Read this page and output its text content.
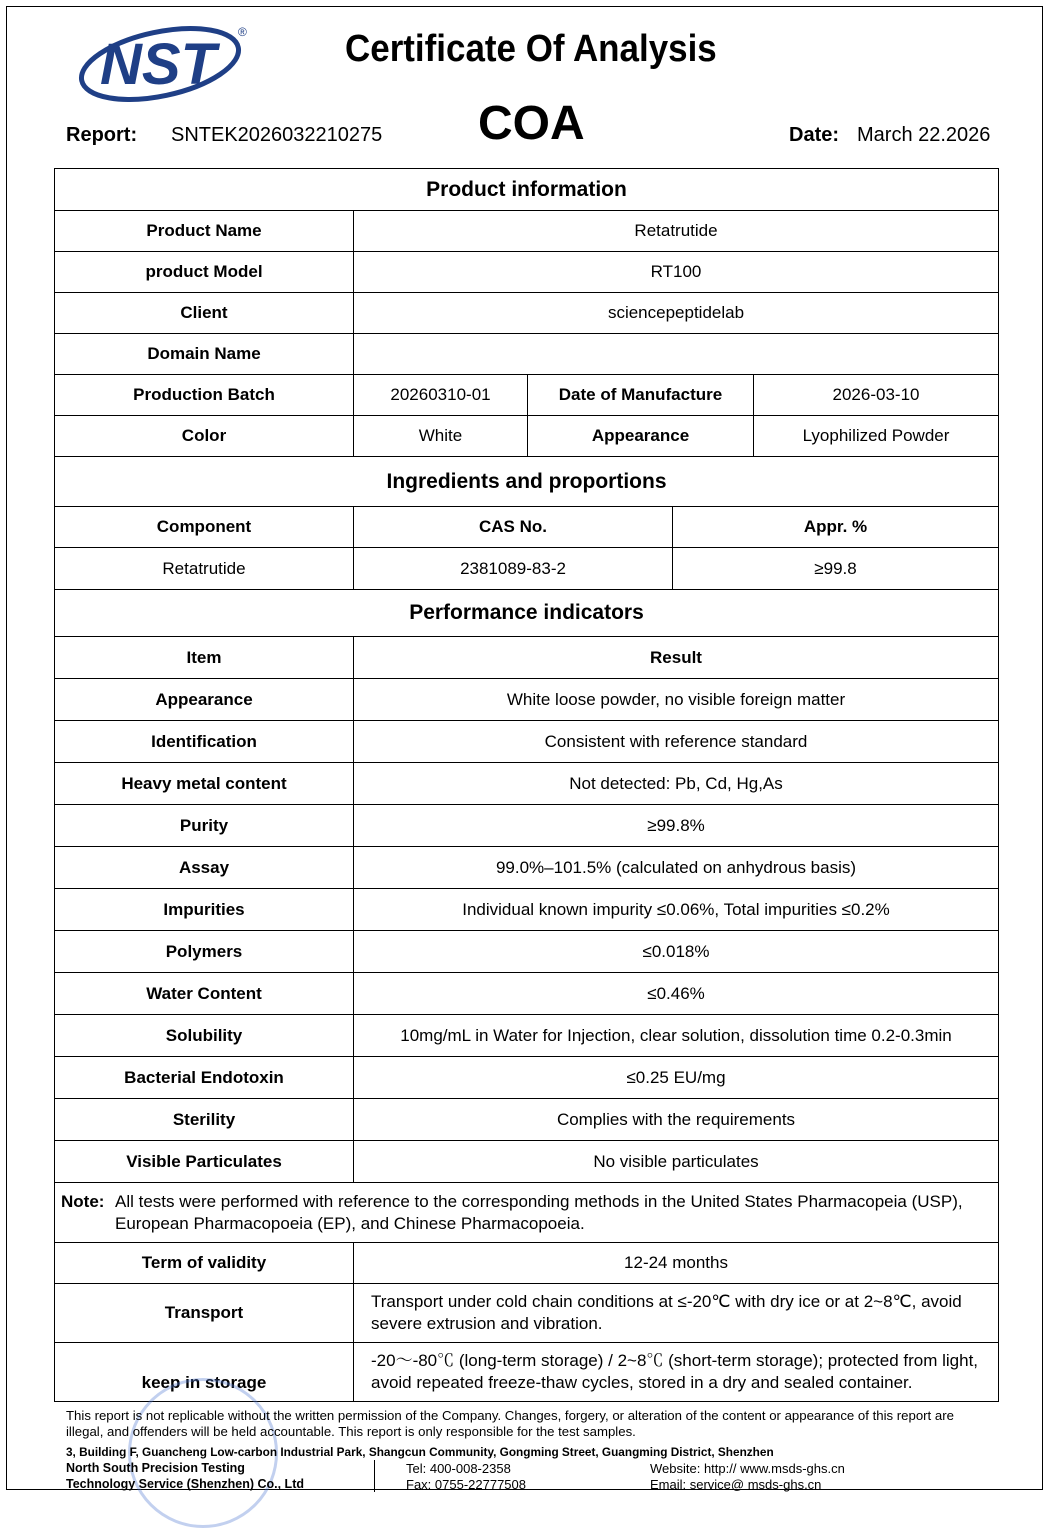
NST	®	Certificate Of Analysis
COA
Report: SNTEK2026032210275	Date: March 22.2026
Product information				
Product Name	Retatrutide			
product Model	RT100			
Client	sciencepeptidelab			
Domain Name				
Production Batch	20260310-01	Date of Manufacture		2026-03-10
Color	White	Appearance		Lyophilized Powder
Ingredients and proportions				
Component	CAS No.		Appr. %	
Retatrutide	2381089-83-2		≥99.8	
Performance indicators				
Item	Result			
Appearance	White loose powder, no visible foreign matter			
Identification	Consistent with reference standard			
Heavy metal content	Not detected: Pb, Cd, Hg,As			
Purity	≥99.8%			
Assay	99.0%–101.5% (calculated on anhydrous basis)			
Impurities	Individual known impurity ≤0.06%, Total impurities ≤0.2%			
Polymers	≤0.018%			
Water Content	≤0.46%			
Solubility	10mg/mL in Water for Injection, clear solution, dissolution time 0.2-0.3min			
Bacterial Endotoxin	≤0.25 EU/mg			
Sterility	Complies with the requirements			
Visible Particulates	No visible particulates			

Note: All tests were performed with reference to the corresponding methods in the United States Pharmacopeia (USP), European Pharmacopoeia (EP), and Chinese Pharmacopoeia.				

Term of validity	12-24 months			
Transport	Transport under cold chain conditions at ≤-20℃ with dry ice or at 2~8℃, avoid severe extrusion and vibration.			
keep in storage	-20～-80℃ (long-term storage) / 2~8℃ (short-term storage); protected from light, avoid repeated freeze-thaw cycles, stored in a dry and sealed container.			
This report is not replicable without the written permission of the Company. Changes, forgery, or alteration of the content or appearance of this report are illegal, and offenders will be held accountable. This report is only responsible for the test samples.
3, Building F, Guancheng Low-carbon Industrial Park, Shangcun Community, Gongming Street, Guangming District, Shenzhen
North South Precision Testing
Technology Service (Shenzhen) Co., Ltd
Tel: 400-008-2358
Fax: 0755-22777508
Website: http:// www.msds-ghs.cn
Email: service@ msds-ghs.cn
